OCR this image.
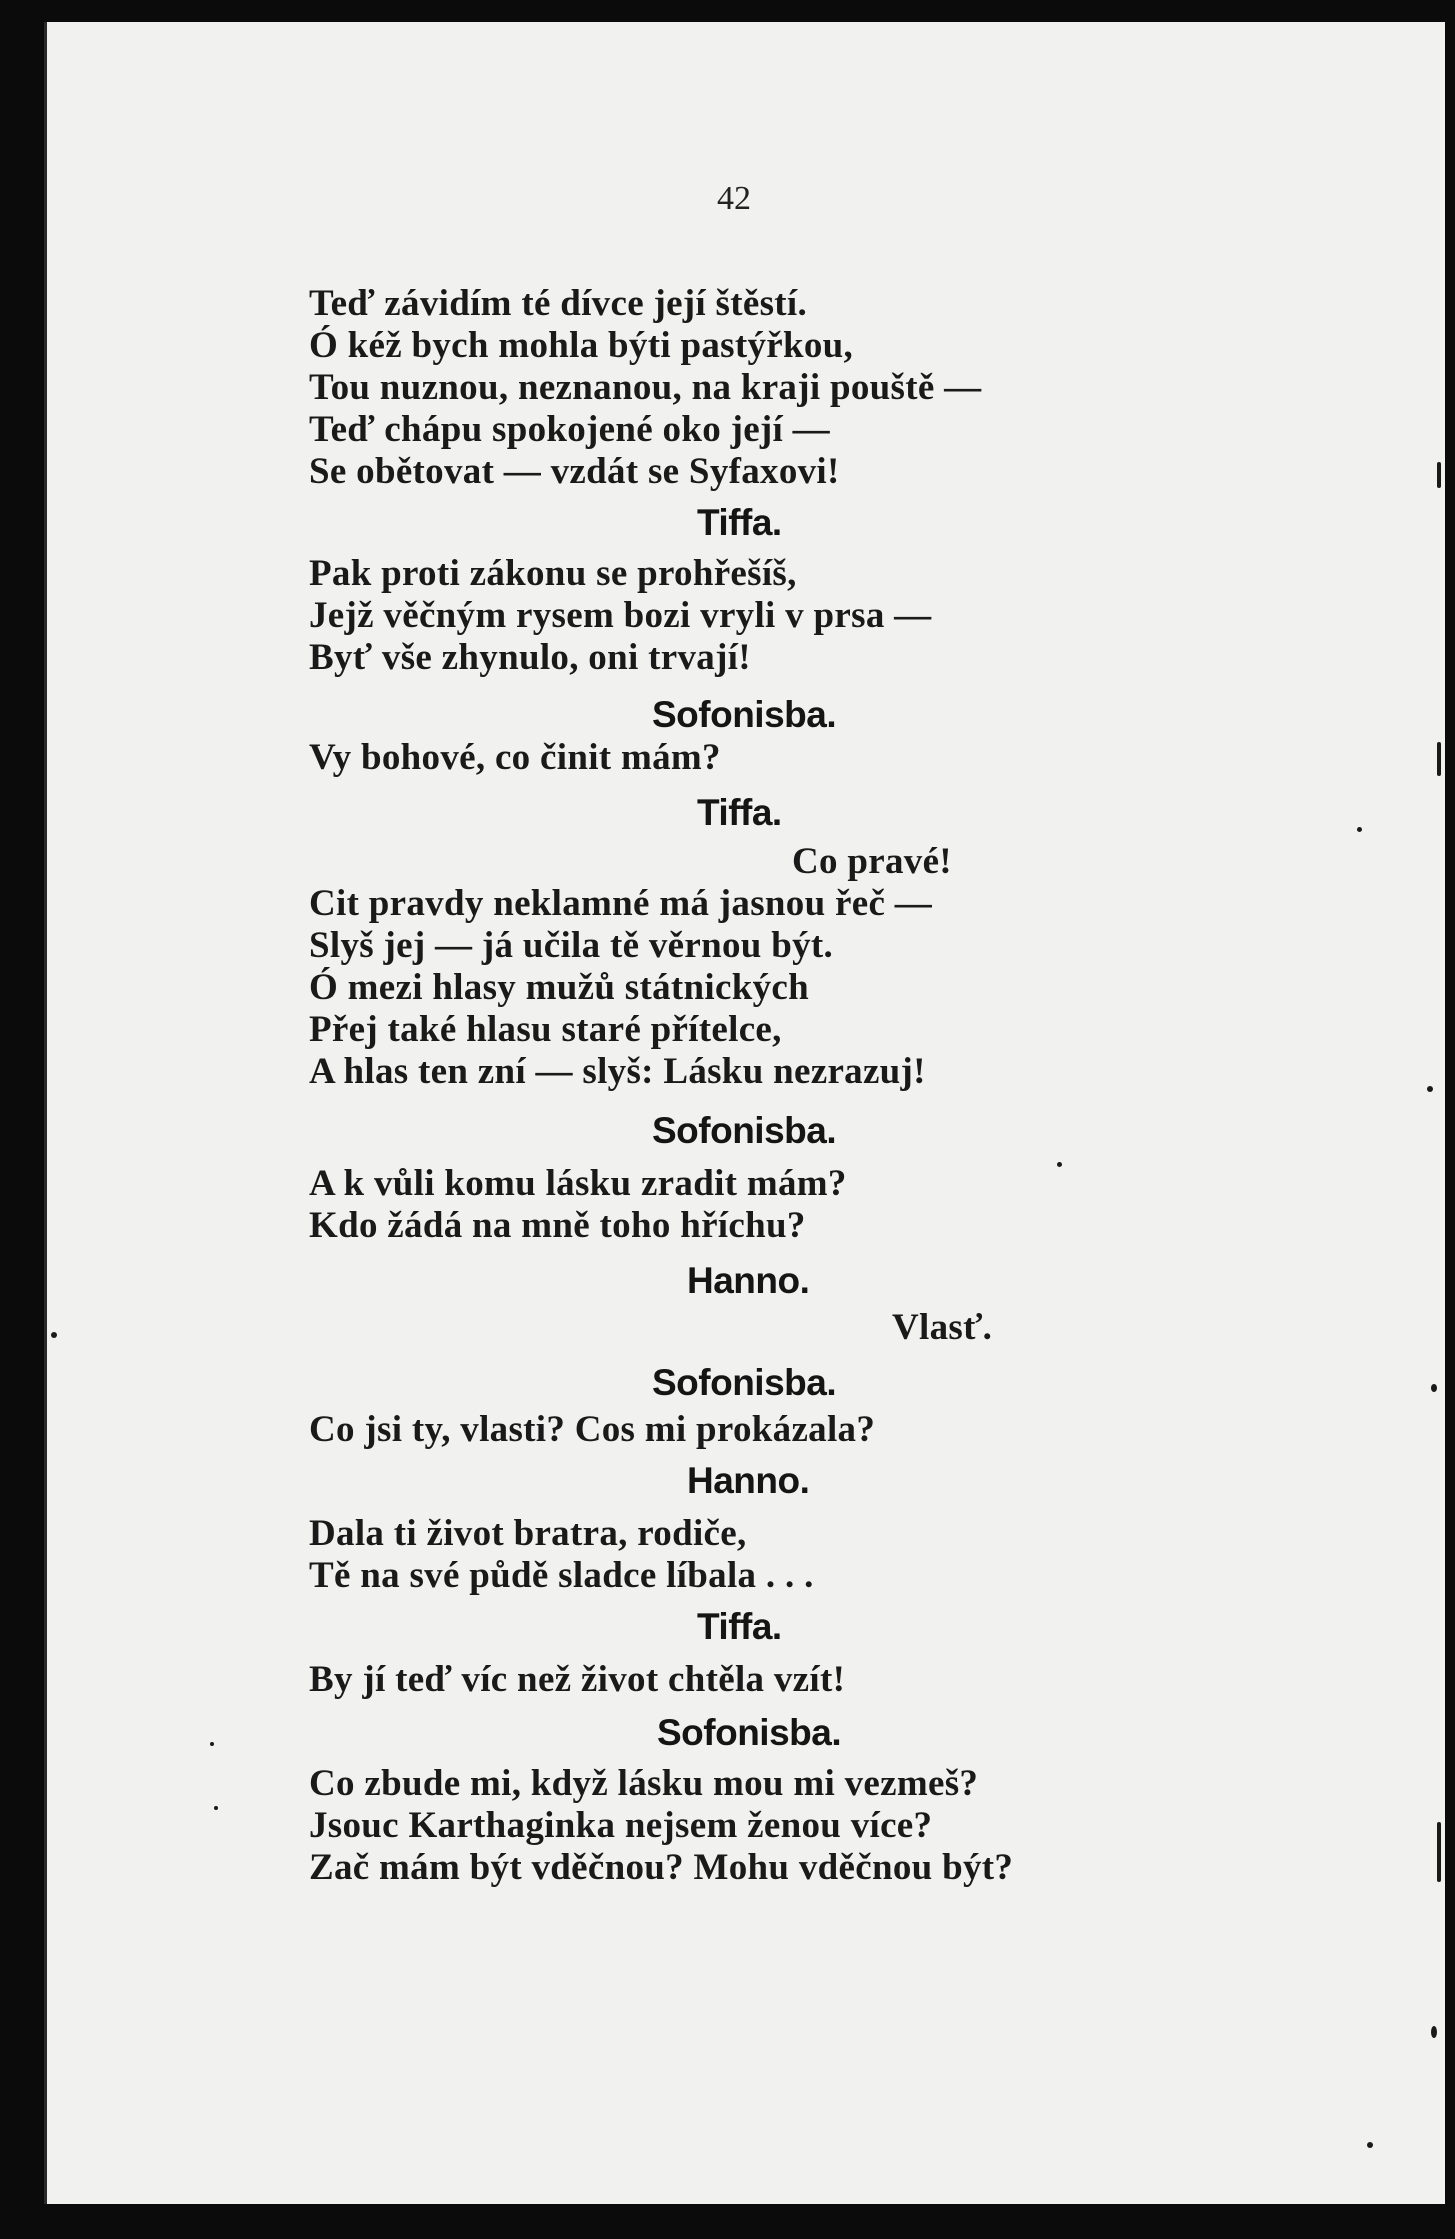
42
Teď závidím té dívce její štěstí.
Ó kéž bych mohla býti pastýřkou,
Tou nuznou, neznanou, na kraji pouště —
Teď chápu spokojené oko její —
Se obětovat — vzdát se Syfaxovi!
Tiffa.
Pak proti zákonu se prohřešíš,
Jejž věčným rysem bozi vryli v prsa —
Byť vše zhynulo, oni trvají!
Sofonisba.
Vy bohové, co činit mám?
Tiffa.
Co pravé!
Cit pravdy neklamné má jasnou řeč —
Slyš jej — já učila tě věrnou být.
Ó mezi hlasy mužů státnických
Přej také hlasu staré přítelce,
A hlas ten zní — slyš: Lásku nezrazuj!
Sofonisba.
A k vůli komu lásku zradit mám?
Kdo žádá na mně toho hříchu?
Hanno.
Vlasť.
Sofonisba.
Co jsi ty, vlasti? Cos mi prokázala?
Hanno.
Dala ti život bratra, rodiče,
Tě na své půdě sladce líbala . . .
Tiffa.
By jí teď víc než život chtěla vzít!
Sofonisba.
Co zbude mi, když lásku mou mi vezmeš?
Jsouc Karthaginka nejsem ženou více?
Zač mám být vděčnou? Mohu vděčnou být?
